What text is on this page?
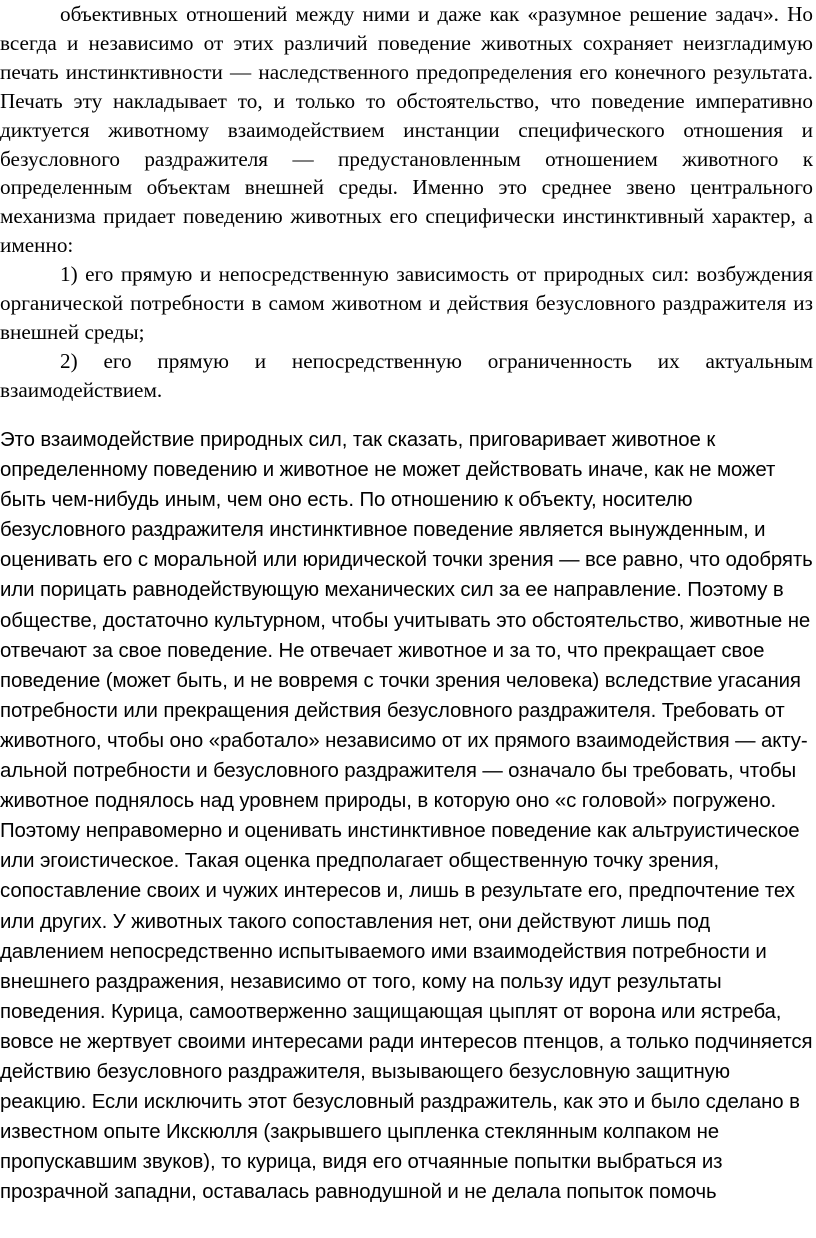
объективных отношений между ними и даже как «разумное решение задач». Но всегда и независимо от этих различий поведение животных сохраняет неизгладимую печать инстинктивности — наследственного предопределения его конечного результата. Печать эту накладывает то, и только то обстоятельство, что поведение императивно диктуется животному взаимодействием инстанции специфического отношения и безусловного раздражителя — предустановленным отношением животного к определенным объектам внешней среды. Именно это среднее звено центрального механизма придает поведению животных его специфически инстинктивный характер, а именно:

1) его прямую и непосредственную зависимость от природных сил: возбуждения органической потребности в самом животном и действия безусловного раздражителя из внешней среды;

2) его прямую и непосредственную ограниченность их актуальным взаимодействием.

Это взаимодействие природных сил, так сказать, приговаривает животное к определенному поведению и животное не может действовать иначе, как не может быть чем-нибудь иным, чем оно есть. По отношению к объекту, носителю безусловного раздражителя инстинктивное поведение является вынужденным, и оценивать его с моральной или юридической точки зрения — все равно, что одобрять или порицать равнодействующую механических сил за ее направление. Поэтому в обществе, достаточно культурном, чтобы учитывать это обстоятельство, животные не отвечают за свое поведение. Не отвечает животное и за то, что прекращает свое поведение (может быть, и не вовремя с точки зрения человека) вследствие угасания потребности или прекращения действия безусловного раздражителя. Требовать от животного, чтобы оно «работало» независимо от их прямого взаимодействия — акту-альной потребности и безусловного раздражителя — означало бы требовать, чтобы животное поднялось над уровнем природы, в которую оно «с головой» погружено. Поэтому неправомерно и оценивать инстинктивное поведение как альтруистическое или эгоистическое. Такая оценка предполагает общественную точку зрения, сопоставление своих и чужих интересов и, лишь в результате его, предпочтение тех или других. У животных такого сопоставления нет, они действуют лишь под давлением непосредственно испытываемого ими взаимодействия потребности и внешнего раздражения, независимо от того, кому на пользу идут результаты поведения. Курица, самоотверженно защищающая цыплят от ворона или ястреба, вовсе не жертвует своими интересами ради интересов птенцов, а только подчиняется действию безусловного раздражителя, вызывающего безусловную защитную реакцию. Если исключить этот безусловный раздражитель, как это и было сделано в известном опыте Икскюлля (закрывшего цыпленка стеклянным колпаком не пропускавшим звуков), то курица, видя его отчаянные попытки выбраться из прозрачной западни, оставалась равнодушной и не делала попыток помочь
